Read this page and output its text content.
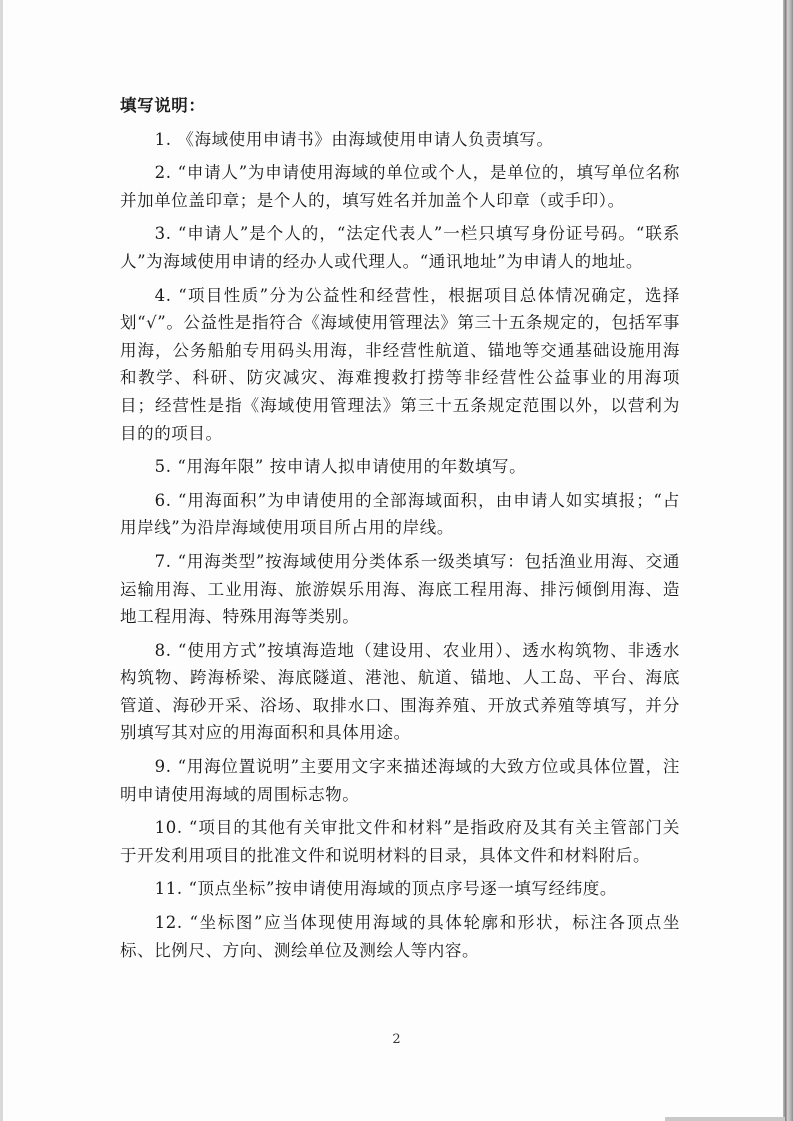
填写说明：

1. 《海域使用申请书》由海域使用申请人负责填写。

2. “申请人”为申请使用海域的单位或个人，是单位的，填写单位名称并加单位盖印章；是个人的，填写姓名并加盖个人印章（或手印）。

3. “申请人”是个人的，“法定代表人”一栏只填写身份证号码。“联系人”为海域使用申请的经办人或代理人。“通讯地址”为申请人的地址。

4. “项目性质”分为公益性和经营性，根据项目总体情况确定，选择划“√”。公益性是指符合《海域使用管理法》第三十五条规定的，包括军事用海，公务船舶专用码头用海，非经营性航道、锚地等交通基础设施用海和教学、科研、防灾减灾、海难搜救打捞等非经营性公益事业的用海项目；经营性是指《海域使用管理法》第三十五条规定范围以外，以营利为目的的项目。

5. “用海年限” 按申请人拟申请使用的年数填写。

6. “用海面积”为申请使用的全部海域面积，由申请人如实填报；“占用岸线”为沿岸海域使用项目所占用的岸线。

7. “用海类型”按海域使用分类体系一级类填写：包括渔业用海、交通运输用海、工业用海、旅游娱乐用海、海底工程用海、排污倾倒用海、造地工程用海、特殊用海等类别。

8. “使用方式”按填海造地（建设用、农业用）、透水构筑物、非透水构筑物、跨海桥梁、海底隧道、港池、航道、锚地、人工岛、平台、海底管道、海砂开采、浴场、取排水口、围海养殖、开放式养殖等填写，并分别填写其对应的用海面积和具体用途。

9. “用海位置说明”主要用文字来描述海域的大致方位或具体位置，注明申请使用海域的周围标志物。

10. “项目的其他有关审批文件和材料”是指政府及其有关主管部门关于开发利用项目的批准文件和说明材料的目录，具体文件和材料附后。

11. “顶点坐标”按申请使用海域的顶点序号逐一填写经纬度。

12. “坐标图”应当体现使用海域的具体轮廓和形状，标注各顶点坐标、比例尺、方向、测绘单位及测绘人等内容。

2
